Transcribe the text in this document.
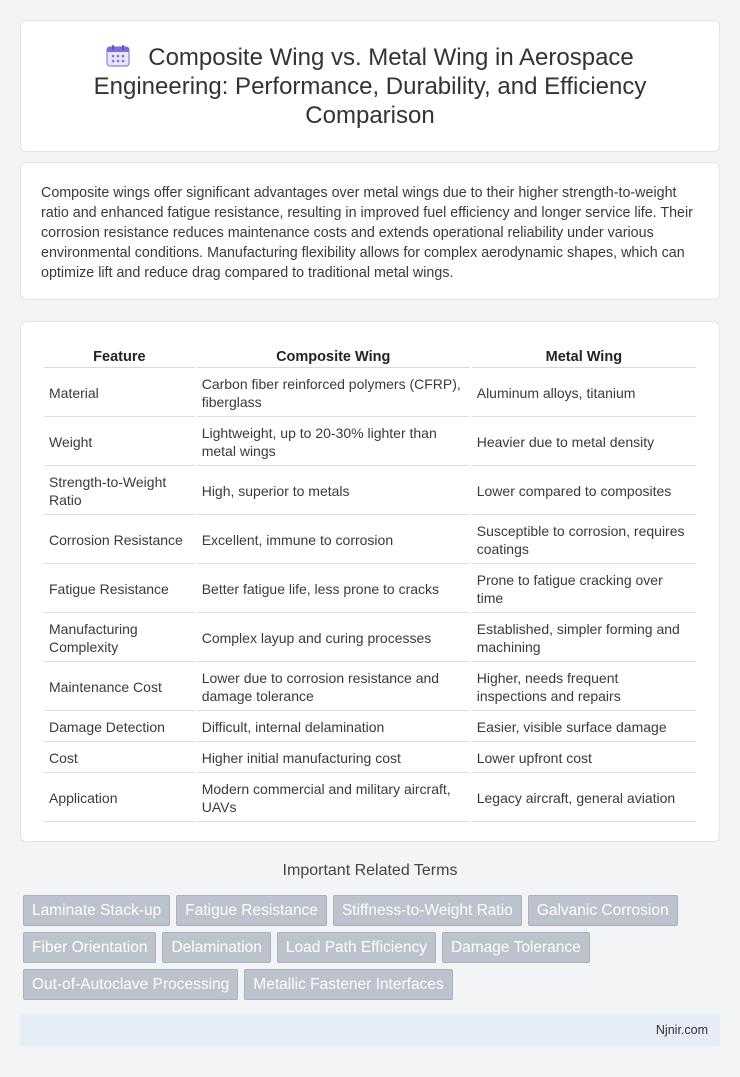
Composite Wing vs. Metal Wing in Aerospace Engineering: Performance, Durability, and Efficiency Comparison

Composite wings offer significant advantages over metal wings due to their higher strength-to-weight ratio and enhanced fatigue resistance, resulting in improved fuel efficiency and longer service life. Their corrosion resistance reduces maintenance costs and extends operational reliability under various environmental conditions. Manufacturing flexibility allows for complex aerodynamic shapes, which can optimize lift and reduce drag compared to traditional metal wings.

Feature	Composite Wing	Metal Wing
Material	Carbon fiber reinforced polymers (CFRP), fiberglass	Aluminum alloys, titanium
Weight	Lightweight, up to 20-30% lighter than metal wings	Heavier due to metal density
Strength-to-Weight Ratio	High, superior to metals	Lower compared to composites
Corrosion Resistance	Excellent, immune to corrosion	Susceptible to corrosion, requires coatings
Fatigue Resistance	Better fatigue life, less prone to cracks	Prone to fatigue cracking over time
Manufacturing Complexity	Complex layup and curing processes	Established, simpler forming and machining
Maintenance Cost	Lower due to corrosion resistance and damage tolerance	Higher, needs frequent inspections and repairs
Damage Detection	Difficult, internal delamination	Easier, visible surface damage
Cost	Higher initial manufacturing cost	Lower upfront cost
Application	Modern commercial and military aircraft, UAVs	Legacy aircraft, general aviation
Important Related Terms
Laminate Stack-up	Fatigue Resistance	Stiffness-to-Weight Ratio	Galvanic Corrosion
Fiber Orientation	Delamination	Load Path Efficiency	Damage Tolerance
Out-of-Autoclave Processing	Metallic Fastener Interfaces
Njnir.com
